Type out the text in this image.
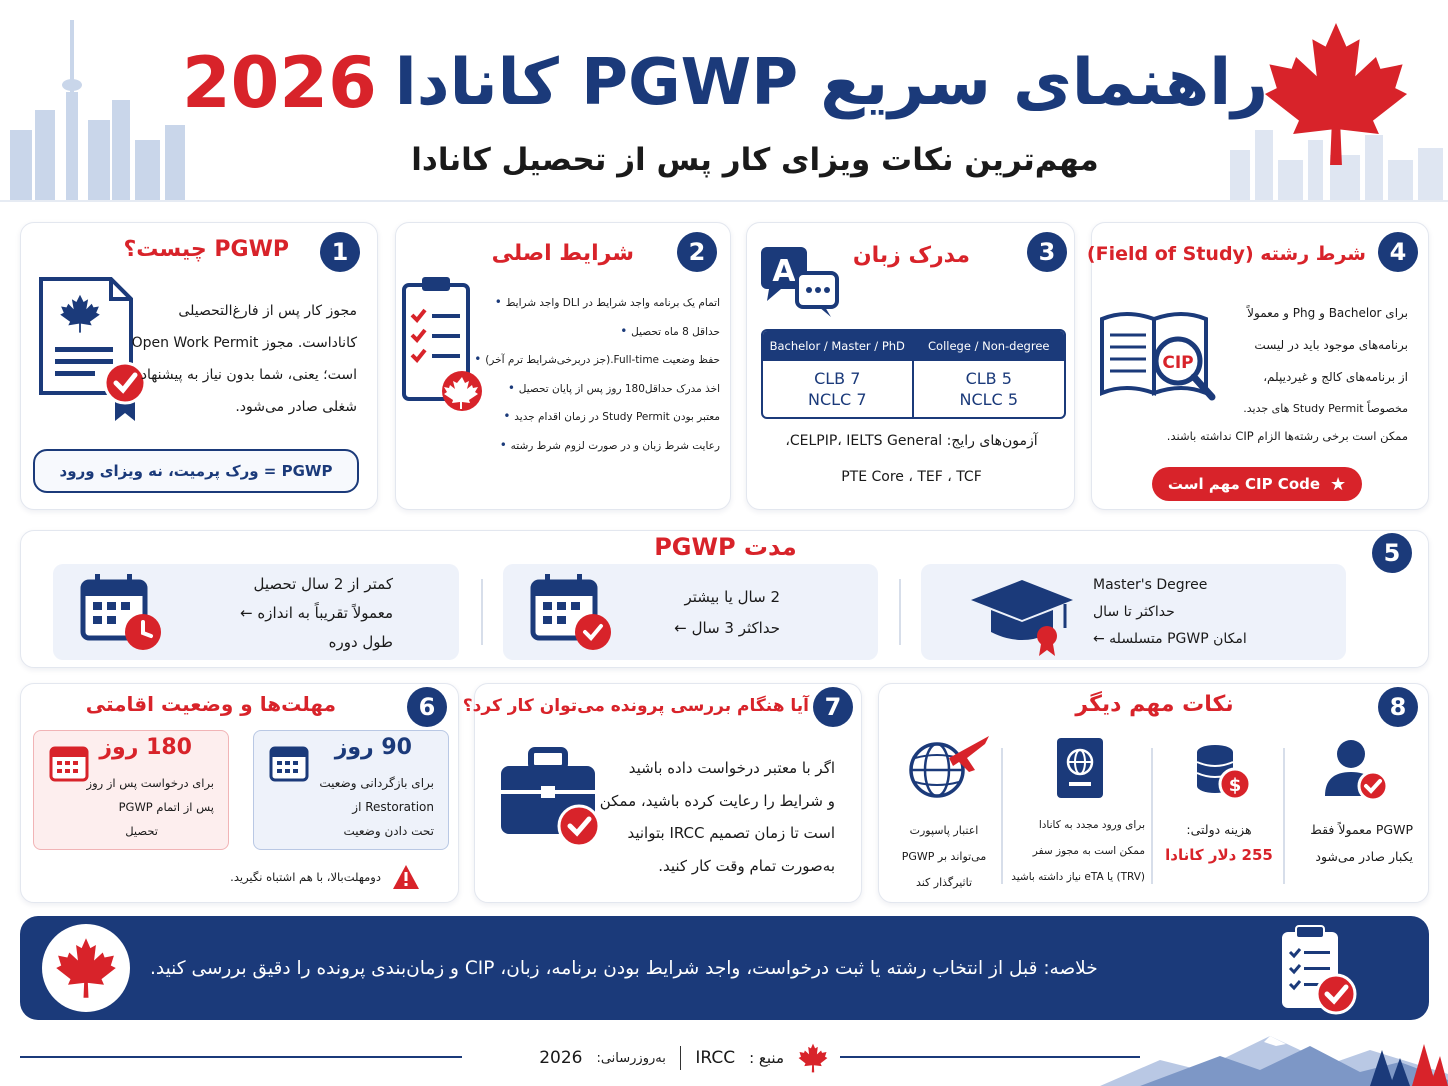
راهنمای سریع PGWP کانادا
2026
مهم‌ترین نکات ویزای کار پس از تحصیل کانادا
1
PGWP چیست؟
مجوز کار پس از فارغ‌التحصیلی
کانادا‌ست. مجوز Open Work Permit
است؛ یعنی، شما بدون نیاز به پیشنهاد
شغلی صادر می‌شود.
PGWP = ورک پرمیت، نه ویزای ورود
2
شرایط اصلی
اتمام یک برنامه واجد شرایط در DLI واجد شرایط •
حداقل 8 ماه تحصیل •
حفظ وضعیت Full-time.(جز دربرخی‌شرایط ترم آخر) •
اخذ مدرک حداقل180 روز پس از پایان تحصیل •
معتبر بودن Study Permit در زمان اقدام جدید •
رعایت شرط زبان و در صورت لزوم شرط رشته •
3
مدرک زبان
A
Bachelor / Master / PhD
CLB 7
NCLC 7
College / Non-degree
CLB 5
NCLC 5
آزمون‌های رایج: CELPIP، IELTS General،
PTE Core ، TEF ، TCF
4
شرط رشته (Field of Study)
CIP
برای Bachelor و Phg و معمولاً
برنامه‌های موجود باید در لیست
از برنامه‌های کالج و غیردیپلم،
مخصوصاً Study Permit های جدید.
ممکن است برخی رشته‌ها الزام CIP نداشته باشند.
★
CIP Code مهم است
5
مدت PGWP
کمتر از 2 سال تحصیل
معمولاً تقریباً به اندازه ←
طول دوره
2 سال یا بیشتر
حداکثر 3 سال ←
Master's Degree
حداکثر تا سال
امکان PGWP متسلسله ←
6
مهلت‌ها و وضعیت اقامتی
180 روز
برای درخواست پس از روز
پس از اتمام PGWP
تحصیل
90 روز
برای بازگردانی وضعیت
Restoration از
تحت دادن وضعیت
دومهلت‌بالا، با هم اشتباه نگیرید.
7
آیا هنگام بررسی پرونده می‌توان کار کرد؟
اگر با معتبر درخواست داده باشید
و شرایط را رعایت کرده باشید، ممکن
است تا زمان تصمیم IRCC بتوانید
به‌صورت تمام وقت کار کنید.
8
نکات مهم دیگر
PGWP معمولاً فقط
یکبار صادر می‌شود
$
هزینه دولتی:
255 دلار کانادا
برای ورود مجدد به کانادا
ممکن است به مجوز سفر
(TRV) یا eTA نیاز داشته باشید
اعتبار پاسپورت
می‌تواند بر PGWP
تاثیرگذار کند
خلاصه: قبل از انتخاب رشته یا ثبت درخواست، واجد شرایط بودن برنامه، زبان، CIP و زمان‌بندی پرونده را دقیق بررسی کنید.
منبع :
IRCC
به‌روزرسانی:
2026
